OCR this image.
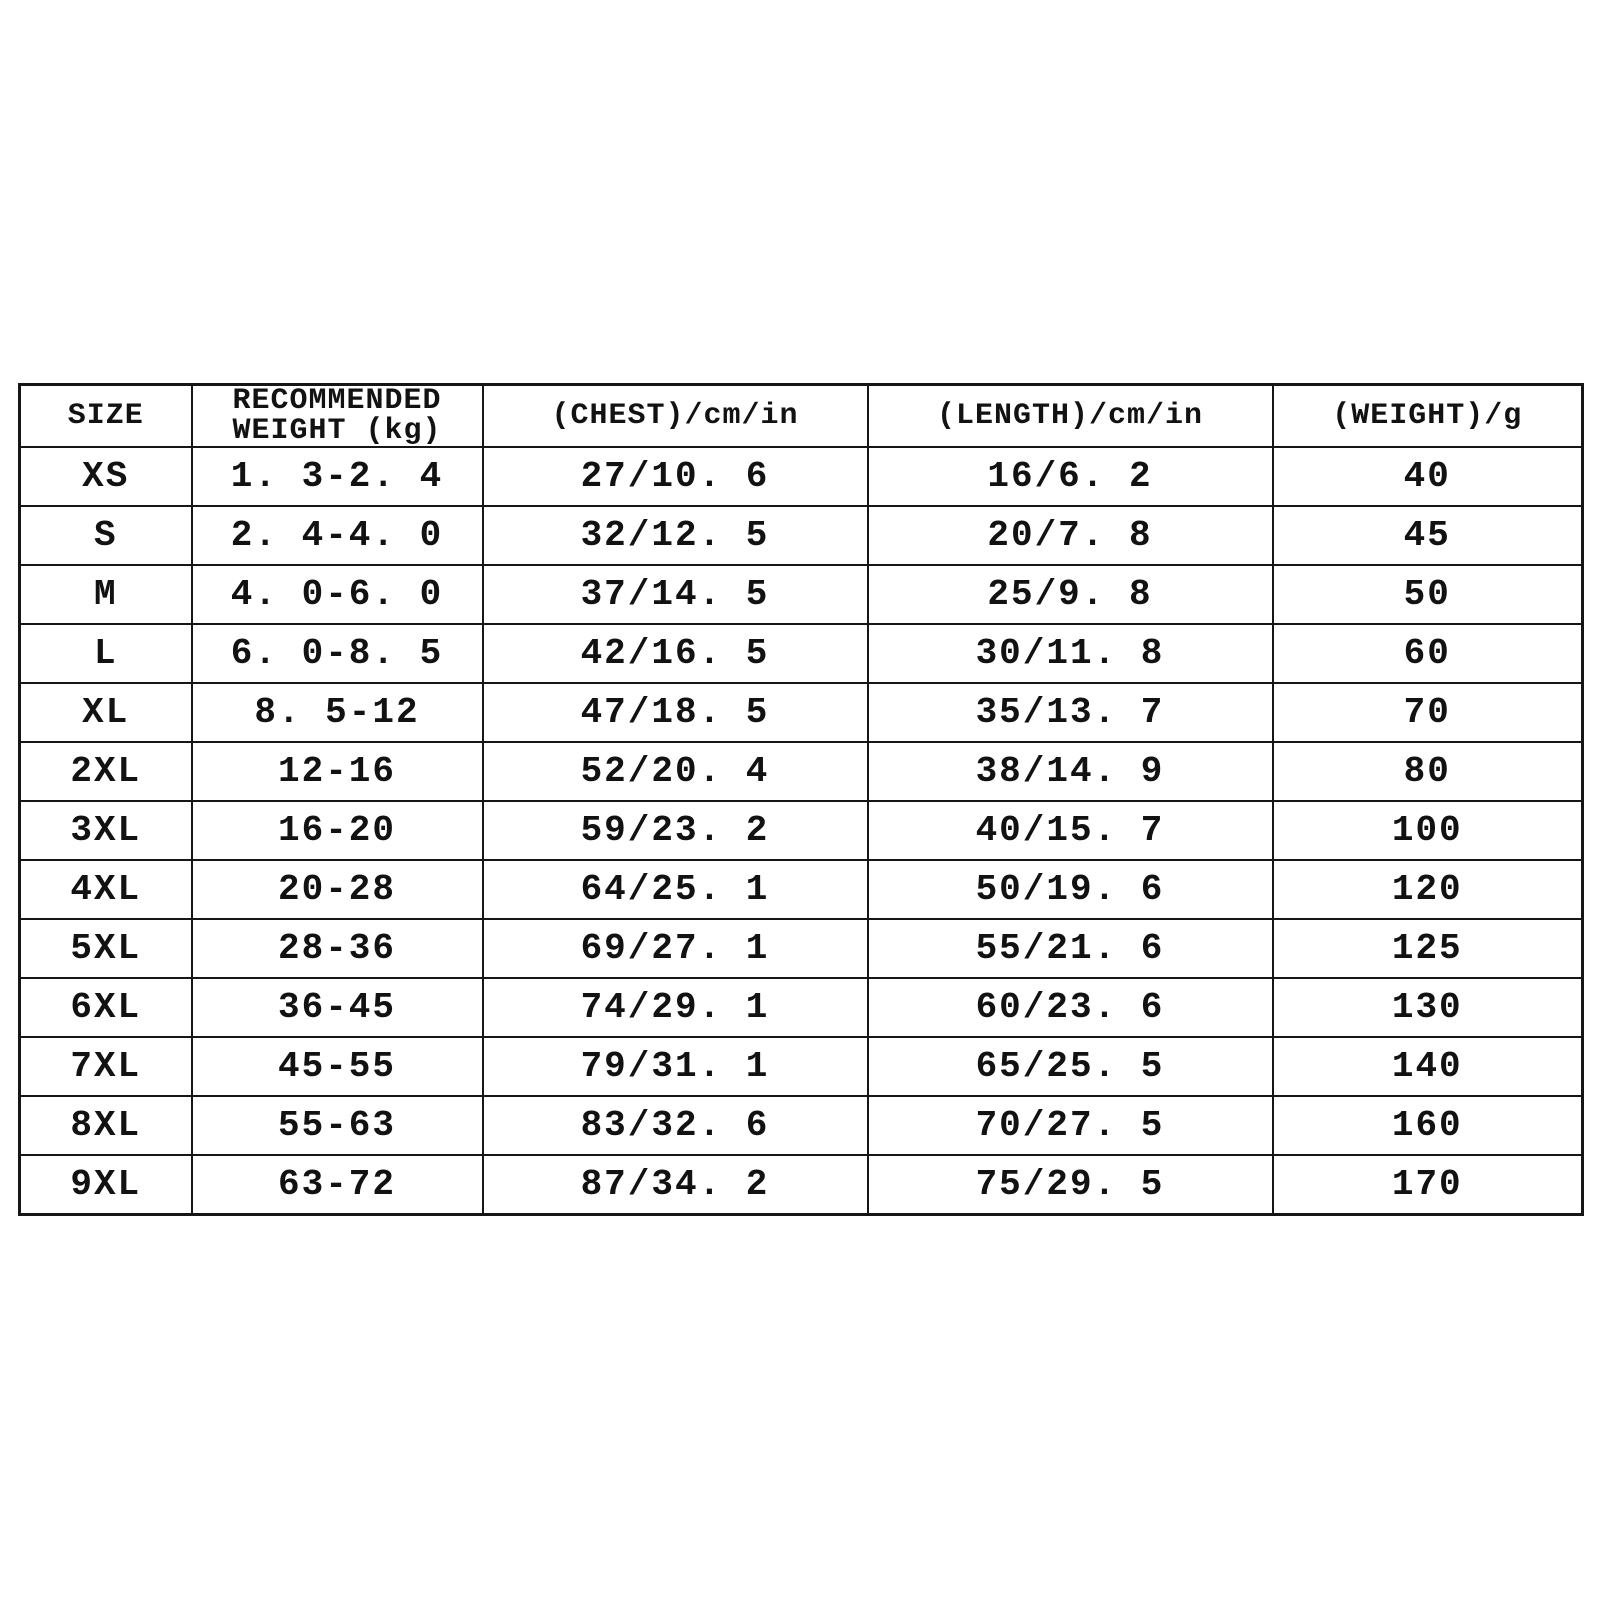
SIZE	RECOMMENDED WEIGHT (kg)	(CHEST)/cm/in	(LENGTH)/cm/in	(WEIGHT)/g
XS	1. 3-2. 4	27/10. 6	16/6. 2	40
S	2. 4-4. 0	32/12. 5	20/7. 8	45
M	4. 0-6. 0	37/14. 5	25/9. 8	50
L	6. 0-8. 5	42/16. 5	30/11. 8	60
XL	8. 5-12	47/18. 5	35/13. 7	70
2XL	12-16	52/20. 4	38/14. 9	80
3XL	16-20	59/23. 2	40/15. 7	100
4XL	20-28	64/25. 1	50/19. 6	120
5XL	28-36	69/27. 1	55/21. 6	125
6XL	36-45	74/29. 1	60/23. 6	130
7XL	45-55	79/31. 1	65/25. 5	140
8XL	55-63	83/32. 6	70/27. 5	160
9XL	63-72	87/34. 2	75/29. 5	170
